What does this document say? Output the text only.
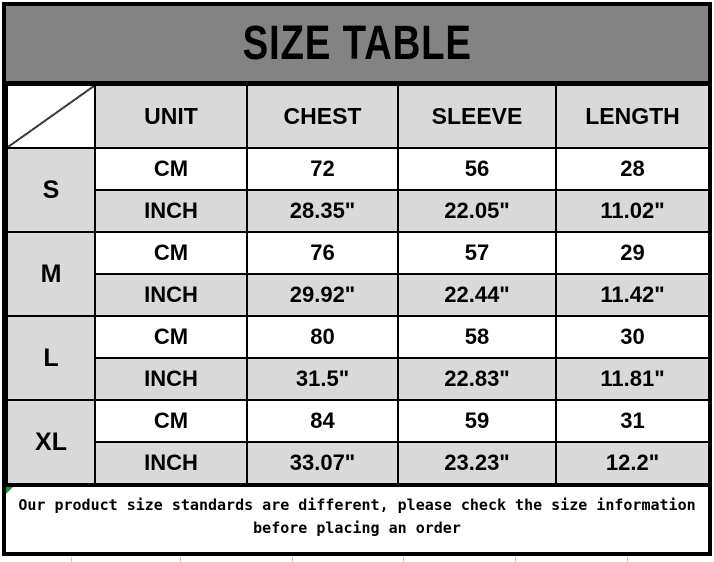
SIZE TABLE
	UNIT	CHEST	SLEEVE	LENGTH
S	CM	72	56	28
	INCH	28.35"	22.05"	11.02"
M	CM	76	57	29
	INCH	29.92"	22.44"	11.42"
L	CM	80	58	30
	INCH	31.5"	22.83"	11.81"
XL	CM	84	59	31
	INCH	33.07"	23.23"	12.2"
Our product size standards are different, please check the size information
before placing an order
